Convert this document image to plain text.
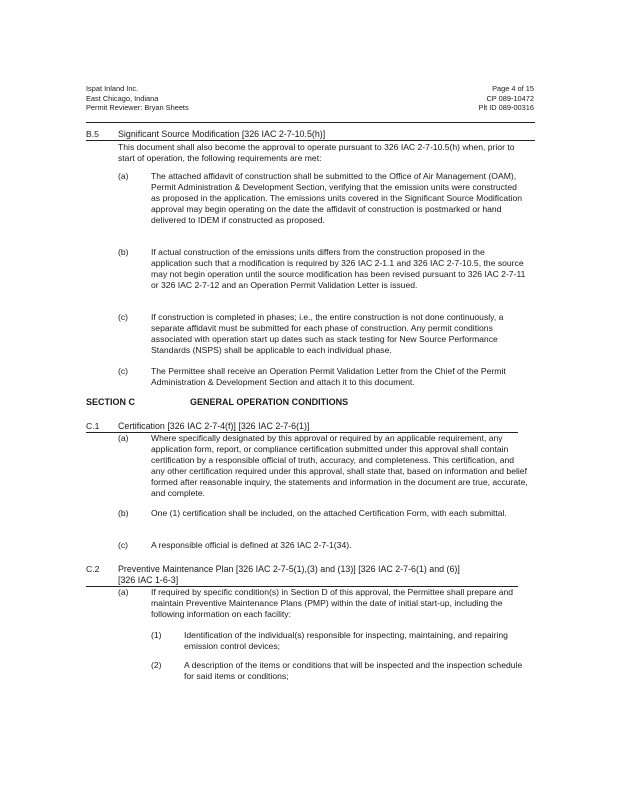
Ispat Inland Inc.
East Chicago, Indiana
Permit Reviewer: Bryan Sheets
Page 4 of 15
CP 089-10472
Plt ID 089-00316
B.5 Significant Source Modification [326 IAC 2-7-10.5(h)]
This document shall also become the approval to operate pursuant to 326 IAC 2-7-10.5(h) when, prior to start of operation, the following requirements are met:
(a)	The attached affidavit of construction shall be submitted to the Office of Air Management (OAM), Permit Administration & Development Section, verifying that the emission units were constructed as proposed in the application. The emissions units covered in the Significant Source Modification approval may begin operating on the date the affidavit of construction is postmarked or hand delivered to IDEM if constructed as proposed.
(b)	If actual construction of the emissions units differs from the construction proposed in the application such that a modification is required by 326 IAC 2-1.1 and 326 IAC 2-7-10.5, the source may not begin operation until the source modification has been revised pursuant to 326 IAC 2-7-11 or 326 IAC 2-7-12 and an Operation Permit Validation Letter is issued.
(c)	If construction is completed in phases; i.e., the entire construction is not done continuously, a separate affidavit must be submitted for each phase of construction. Any permit conditions associated with operation start up dates such as stack testing for New Source Performance Standards (NSPS) shall be applicable to each individual phase.
(c)	The Permittee shall receive an Operation Permit Validation Letter from the Chief of the Permit Administration & Development Section and attach it to this document.
SECTION C	GENERAL OPERATION CONDITIONS
C.1 Certification [326 IAC 2-7-4(f)] [326 IAC 2-7-6(1)]
(a)	Where specifically designated by this approval or required by an applicable requirement, any application form, report, or compliance certification submitted under this approval shall contain certification by a responsible official of truth, accuracy, and completeness. This certification, and any other certification required under this approval, shall state that, based on information and belief formed after reasonable inquiry, the statements and information in the document are true, accurate, and complete.
(b)	One (1) certification shall be included, on the attached Certification Form, with each submittal.
(c)	A responsible official is defined at 326 IAC 2-7-1(34).
C.2 Preventive Maintenance Plan [326 IAC 2-7-5(1),(3) and (13)] [326 IAC 2-7-6(1) and (6)]
[326 IAC 1-6-3]
(a)	If required by specific condition(s) in Section D of this approval, the Permittee shall prepare and maintain Preventive Maintenance Plans (PMP) within the date of initial start-up, including the following information on each facility:
(1)	Identification of the individual(s) responsible for inspecting, maintaining, and repairing emission control devices;
(2)	A description of the items or conditions that will be inspected and the inspection schedule for said items or conditions;
